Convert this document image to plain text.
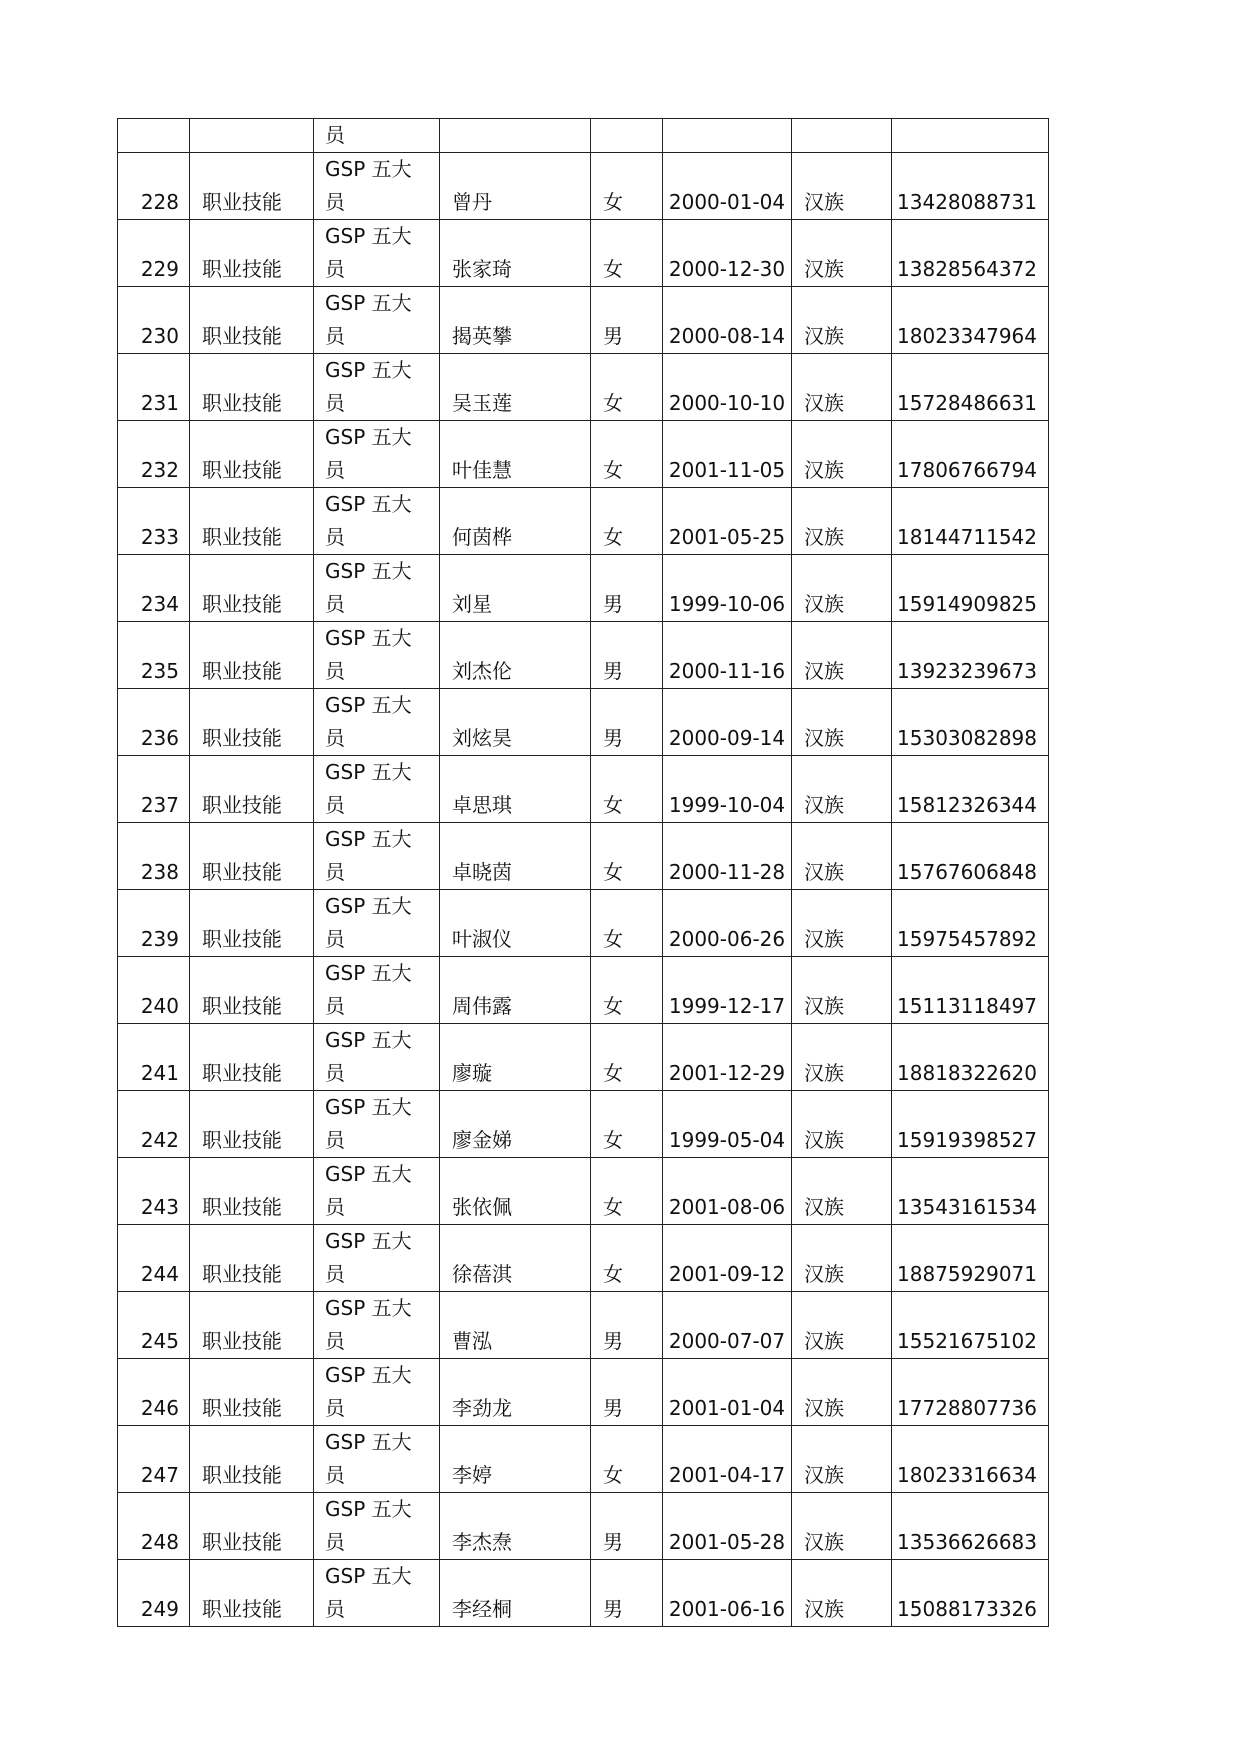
		员					
228	职业技能	GSP 五大
员	曾丹	女	2000-01-04	汉族	13428088731
229	职业技能	GSP 五大
员	张家琦	女	2000-12-30	汉族	13828564372
230	职业技能	GSP 五大
员	揭英攀	男	2000-08-14	汉族	18023347964
231	职业技能	GSP 五大
员	吴玉莲	女	2000-10-10	汉族	15728486631
232	职业技能	GSP 五大
员	叶佳慧	女	2001-11-05	汉族	17806766794
233	职业技能	GSP 五大
员	何茵桦	女	2001-05-25	汉族	18144711542
234	职业技能	GSP 五大
员	刘星	男	1999-10-06	汉族	15914909825
235	职业技能	GSP 五大
员	刘杰伦	男	2000-11-16	汉族	13923239673
236	职业技能	GSP 五大
员	刘炫昊	男	2000-09-14	汉族	15303082898
237	职业技能	GSP 五大
员	卓思琪	女	1999-10-04	汉族	15812326344
238	职业技能	GSP 五大
员	卓晓茵	女	2000-11-28	汉族	15767606848
239	职业技能	GSP 五大
员	叶淑仪	女	2000-06-26	汉族	15975457892
240	职业技能	GSP 五大
员	周伟露	女	1999-12-17	汉族	15113118497
241	职业技能	GSP 五大
员	廖璇	女	2001-12-29	汉族	18818322620
242	职业技能	GSP 五大
员	廖金娣	女	1999-05-04	汉族	15919398527
243	职业技能	GSP 五大
员	张依佩	女	2001-08-06	汉族	13543161534
244	职业技能	GSP 五大
员	徐蓓淇	女	2001-09-12	汉族	18875929071
245	职业技能	GSP 五大
员	曹泓	男	2000-07-07	汉族	15521675102
246	职业技能	GSP 五大
员	李劲龙	男	2001-01-04	汉族	17728807736
247	职业技能	GSP 五大
员	李婷	女	2001-04-17	汉族	18023316634
248	职业技能	GSP 五大
员	李杰焘	男	2001-05-28	汉族	13536626683
249	职业技能	GSP 五大
员	李经桐	男	2001-06-16	汉族	15088173326
